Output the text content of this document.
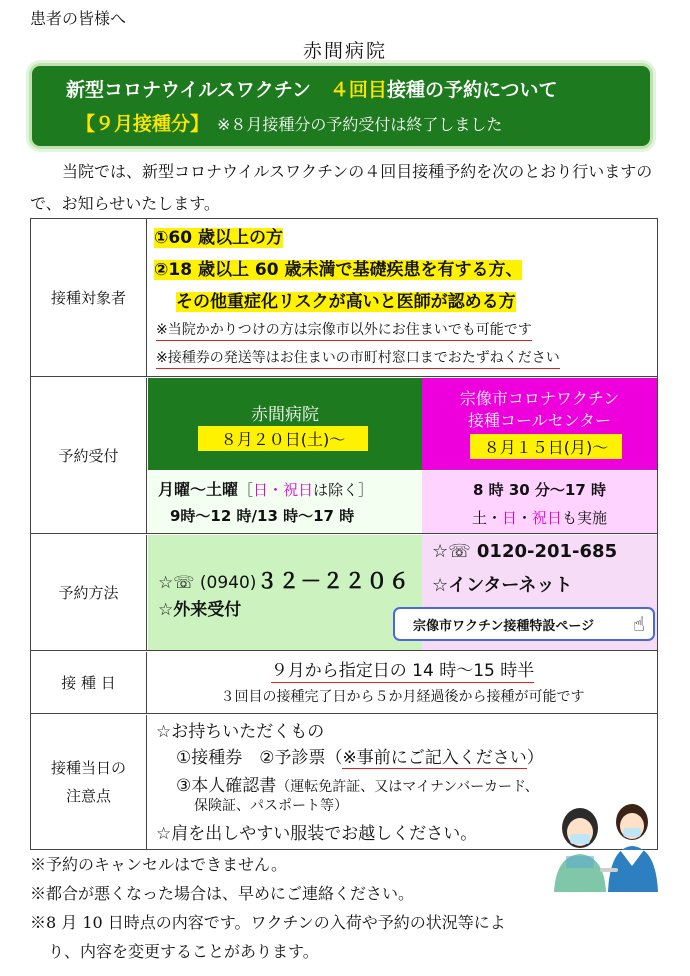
患者の皆様へ
赤間病院
新型コロナウイルスワクチン　４回目接種の予約について
【９月接種分】 ※８月接種分の予約受付は終了しました
当院では、新型コロナウイルスワクチンの４回目接種予約を次のとおり行いますので、お知らせいたします。
接種対象者
①60 歳以上の方
②18 歳以上 60 歳未満で基礎疾患を有する方、
その他重症化リスクが高いと医師が認める方
※当院かかりつけの方は宗像市以外にお住まいでも可能です
※接種券の発送等はお住まいの市町村窓口までおたずねください
予約受付
赤間病院
８月２０日(土)～
宗像市コロナワクチン
接種コールセンター
８月１５日(月)～
月曜～土曜［日・祝日は除く］
9時～12 時/13 時～17 時
8 時 30 分～17 時
土・日・祝日も実施
予約方法	☆☏ (0940)３２－２２０６
☆外来受付
☆☏ 0120-201-685
☆インターネット
宗像市ワクチン接種特設ページ ☝
接 種 日
９月から指定日の 14 時～15 時半
３回目の接種完了日から５か月経過後から接種が可能です
接種当日の注意点
☆お持ちいただくもの
①接種券　②予診票（※事前にご記入ください）
③本人確認書（運転免許証、又はマイナンバーカード、
保険証、パスポート等）
☆肩を出しやすい服装でお越しください。

※予約のキャンセルはできません。

※都合が悪くなった場合は、早めにご連絡ください。

※8 月 10 日時点の内容です。ワクチンの入荷や予約の状況等によ

り、内容を変更することがあります。
